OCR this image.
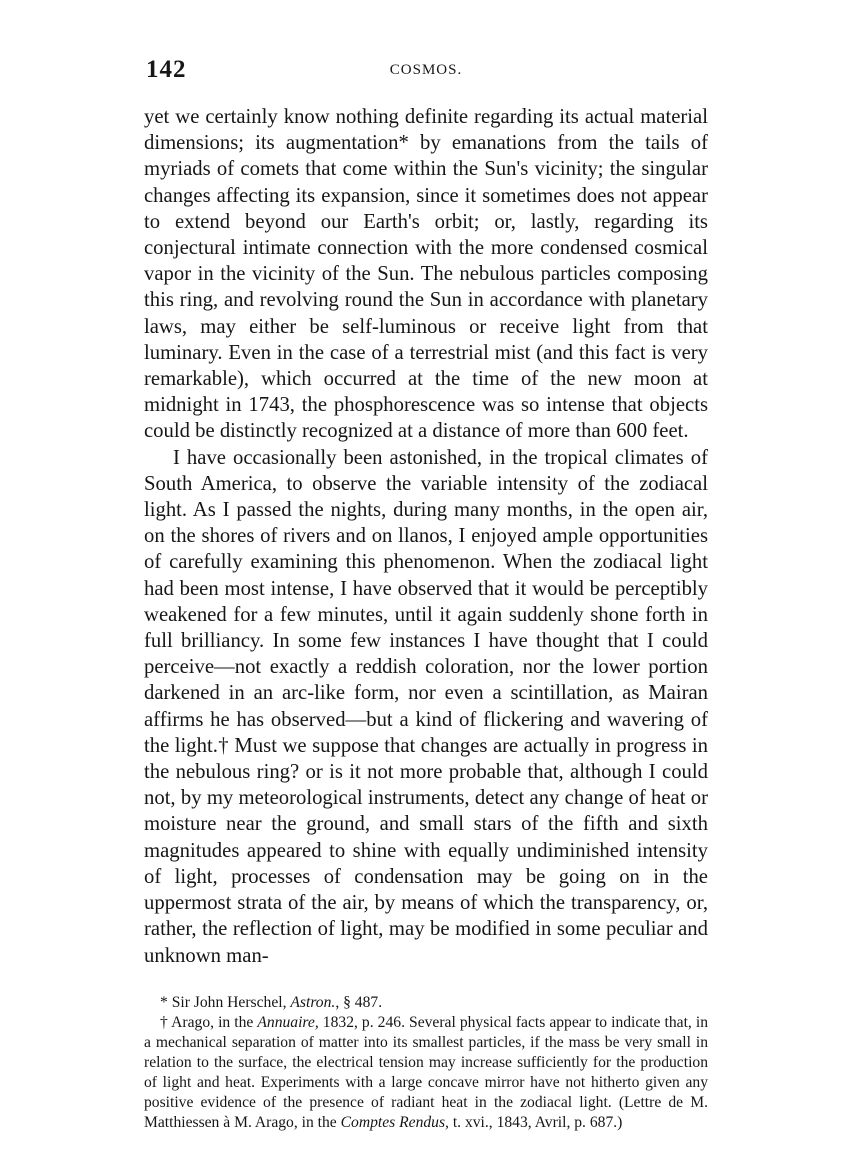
142	COSMOS.

yet we certainly know nothing definite regarding its actual material dimensions; its augmentation* by emanations from the tails of myriads of comets that come within the Sun's vicinity; the singular changes affecting its expansion, since it sometimes does not appear to extend beyond our Earth's orbit; or, lastly, regarding its conjectural intimate connection with the more condensed cosmical vapor in the vicinity of the Sun. The nebulous particles composing this ring, and revolving round the Sun in accordance with planetary laws, may either be self-luminous or receive light from that luminary. Even in the case of a terrestrial mist (and this fact is very remarkable), which occurred at the time of the new moon at midnight in 1743, the phosphorescence was so intense that objects could be distinctly recognized at a distance of more than 600 feet.

I have occasionally been astonished, in the tropical climates of South America, to observe the variable intensity of the zodiacal light. As I passed the nights, during many months, in the open air, on the shores of rivers and on llanos, I enjoyed ample opportunities of carefully examining this phenomenon. When the zodiacal light had been most intense, I have observed that it would be perceptibly weakened for a few minutes, until it again suddenly shone forth in full brilliancy. In some few instances I have thought that I could perceive—not exactly a reddish coloration, nor the lower portion darkened in an arc-like form, nor even a scintillation, as Mairan affirms he has observed—but a kind of flickering and wavering of the light.† Must we suppose that changes are actually in progress in the nebulous ring? or is it not more probable that, although I could not, by my meteorological instruments, detect any change of heat or moisture near the ground, and small stars of the fifth and sixth magnitudes appeared to shine with equally undiminished intensity of light, processes of condensation may be going on in the uppermost strata of the air, by means of which the transparency, or, rather, the reflection of light, may be modified in some peculiar and unknown man-

* Sir John Herschel, Astron., § 487.

† Arago, in the Annuaire, 1832, p. 246. Several physical facts appear to indicate that, in a mechanical separation of matter into its smallest particles, if the mass be very small in relation to the surface, the electrical tension may increase sufficiently for the production of light and heat. Experiments with a large concave mirror have not hitherto given any positive evidence of the presence of radiant heat in the zodiacal light. (Lettre de M. Matthiessen à M. Arago, in the Comptes Rendus, t. xvi., 1843, Avril, p. 687.)
